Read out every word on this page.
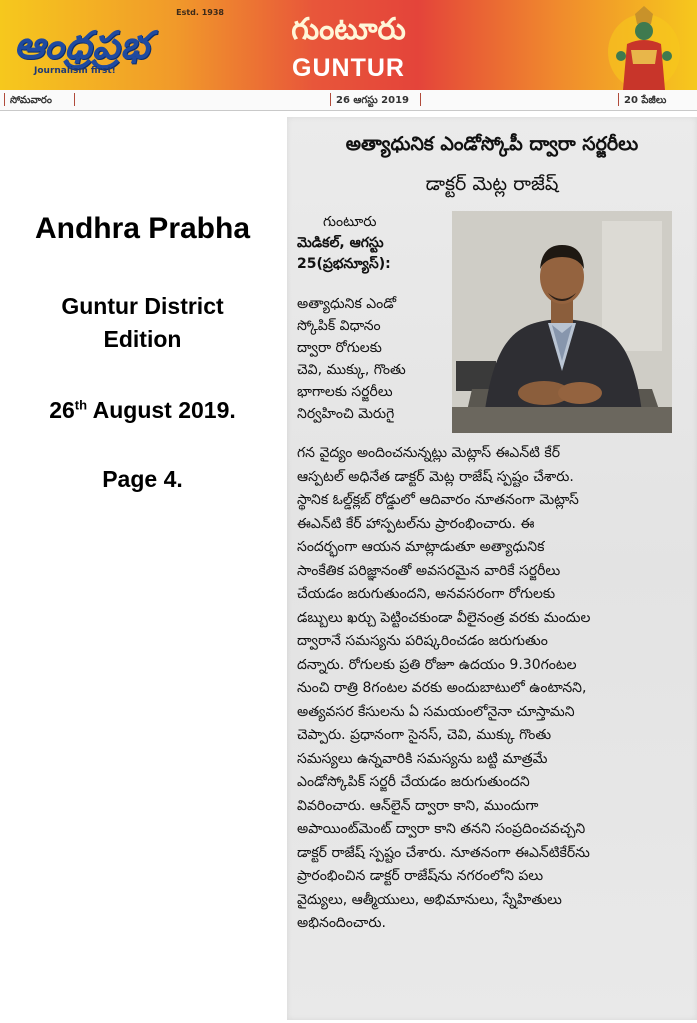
Estd. 1938
ఆంధ్రప్రభ
Journalism first!
గుంటూరు
GUNTUR
సోమవారం	26 ఆగస్టు 2019	20 పేజీలు
Andhra Prabha
Guntur District
Edition
26th August 2019.
Page 4.
అత్యాధునిక ఎండోస్కోపీ ద్వారా సర్జరీలు
డాక్టర్ మెట్ల రాజేష్
గుంటూరు
మెడికల్, ఆగస్టు
25(ప్రభన్యూస్):
అత్యాధునిక ఎండో
స్కోపిక్ విధానం
ద్వారా రోగులకు
చెవి, ముక్కు, గొంతు
భాగాలకు సర్జరీలు
నిర్వహించి మెరుగై
గన వైద్యం అందించనున్నట్లు మెట్లాస్ ఈఎన్‌టి కేర్
ఆస్పటల్ అధినేత డాక్టర్ మెట్ల రాజేష్ స్పష్టం చేశారు.
స్థానిక ఓల్డ్‌క్లబ్ రోడ్డులో ఆదివారం నూతనంగా మెట్లాస్
ఈఎన్‌టి కేర్ హాస్పటల్‌ను ప్రారంభించారు. ఈ
సందర్భంగా ఆయన మాట్లాడుతూ అత్యాధునిక
సాంకేతిక పరిజ్ఞానంతో అవసరమైన వారికే సర్జరీలు
చేయడం జరుగుతుందని, అనవసరంగా రోగులకు
డబ్బులు ఖర్చు పెట్టించకుండా వీలైనంత్ర వరకు మందుల
ద్వారానే సమస్యను పరిష్కరించడం జరుగుతుం
దన్నారు. రోగులకు ప్రతి రోజూ ఉదయం 9.30గంటల
నుంచి రాత్రి 8గంటల వరకు అందుబాటులో ఉంటానని,
అత్యవసర కేసులను ఏ సమయంలోనైనా చూస్తామని
చెప్పారు. ప్రధానంగా సైనస్, చెవి, ముక్కు గొంతు
సమస్యలు ఉన్నవారికి సమస్యను బట్టి మాత్రమే
ఎండోస్కోపిక్ సర్జరీ చేయడం జరుగుతుందని
వివరించారు. ఆన్‌లైన్ ద్వారా కాని, ముందుగా
అపాయింట్‌మెంట్ ద్వారా కాని తనని సంప్రదించవచ్చని
డాక్టర్ రాజేష్ స్పష్టం చేశారు. నూతనంగా ఈఎన్‌టికేర్‌ను
ప్రారంభించిన డాక్టర్ రాజేష్‌ను నగరంలోని పలు
వైద్యులు, ఆత్మీయులు, అభిమానులు, స్నేహితులు
అభినందించారు.
